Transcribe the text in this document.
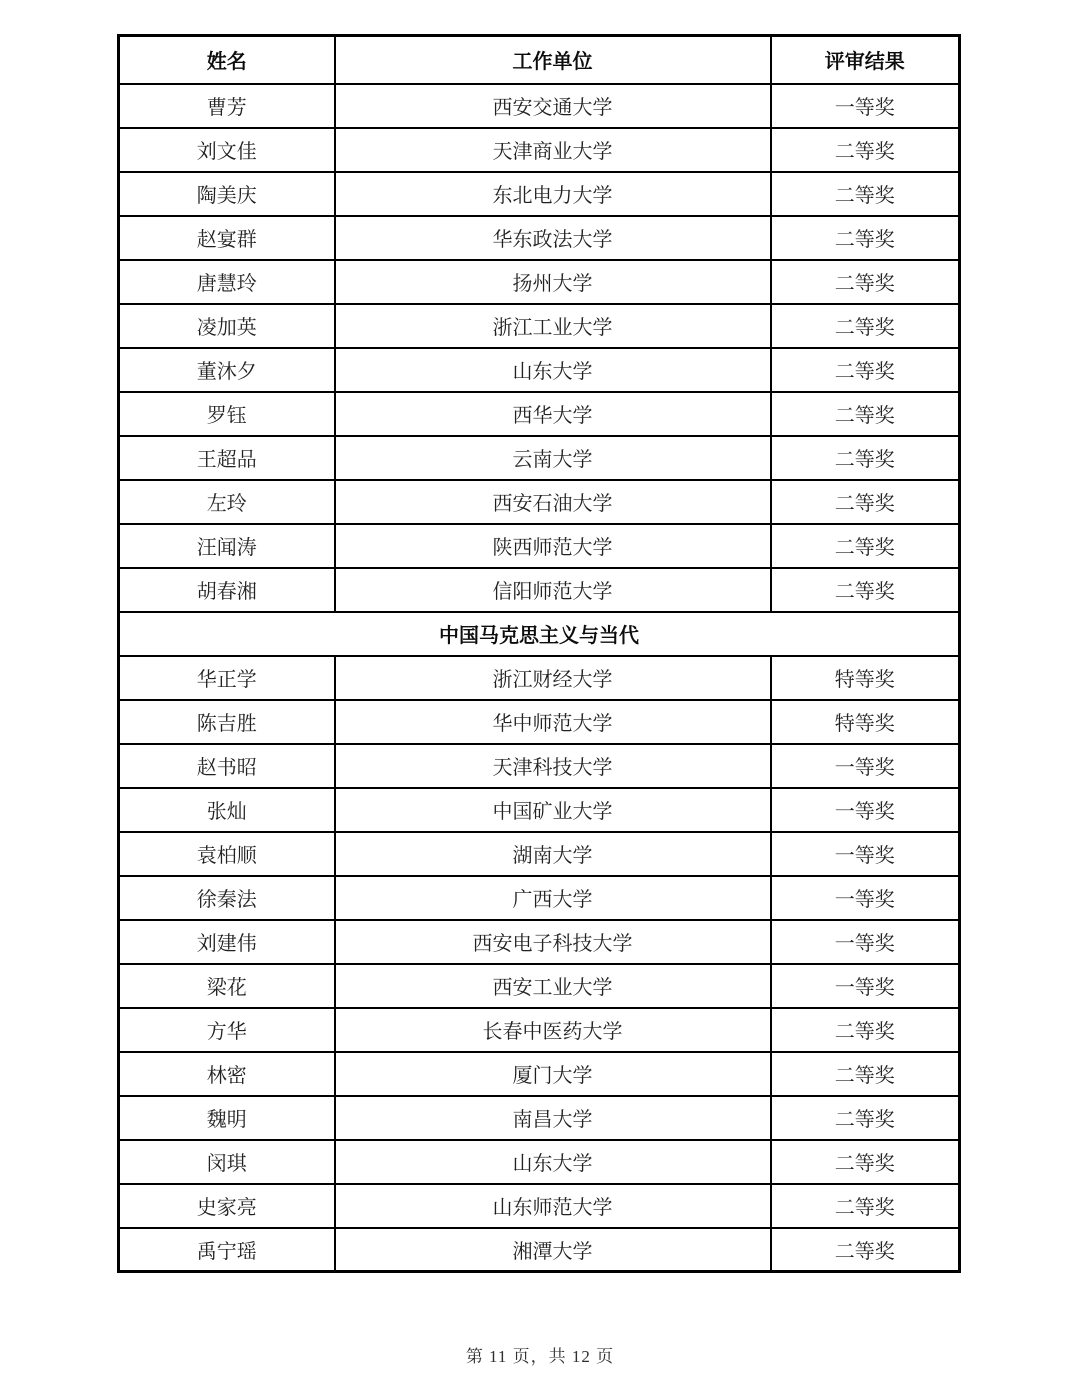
姓名	工作单位	评审结果
曹芳	西安交通大学	一等奖
刘文佳	天津商业大学	二等奖
陶美庆	东北电力大学	二等奖
赵宴群	华东政法大学	二等奖
唐慧玲	扬州大学	二等奖
凌加英	浙江工业大学	二等奖
董沐夕	山东大学	二等奖
罗钰	西华大学	二等奖
王超品	云南大学	二等奖
左玲	西安石油大学	二等奖
汪闻涛	陕西师范大学	二等奖
胡春湘	信阳师范大学	二等奖
中国马克思主义与当代		
华正学	浙江财经大学	特等奖
陈吉胜	华中师范大学	特等奖
赵书昭	天津科技大学	一等奖
张灿	中国矿业大学	一等奖
袁柏顺	湖南大学	一等奖
徐秦法	广西大学	一等奖
刘建伟	西安电子科技大学	一等奖
梁花	西安工业大学	一等奖
方华	长春中医药大学	二等奖
林密	厦门大学	二等奖
魏明	南昌大学	二等奖
闵琪	山东大学	二等奖
史家亮	山东师范大学	二等奖
禹宁瑶	湘潭大学	二等奖
第 11 页，共 12 页
